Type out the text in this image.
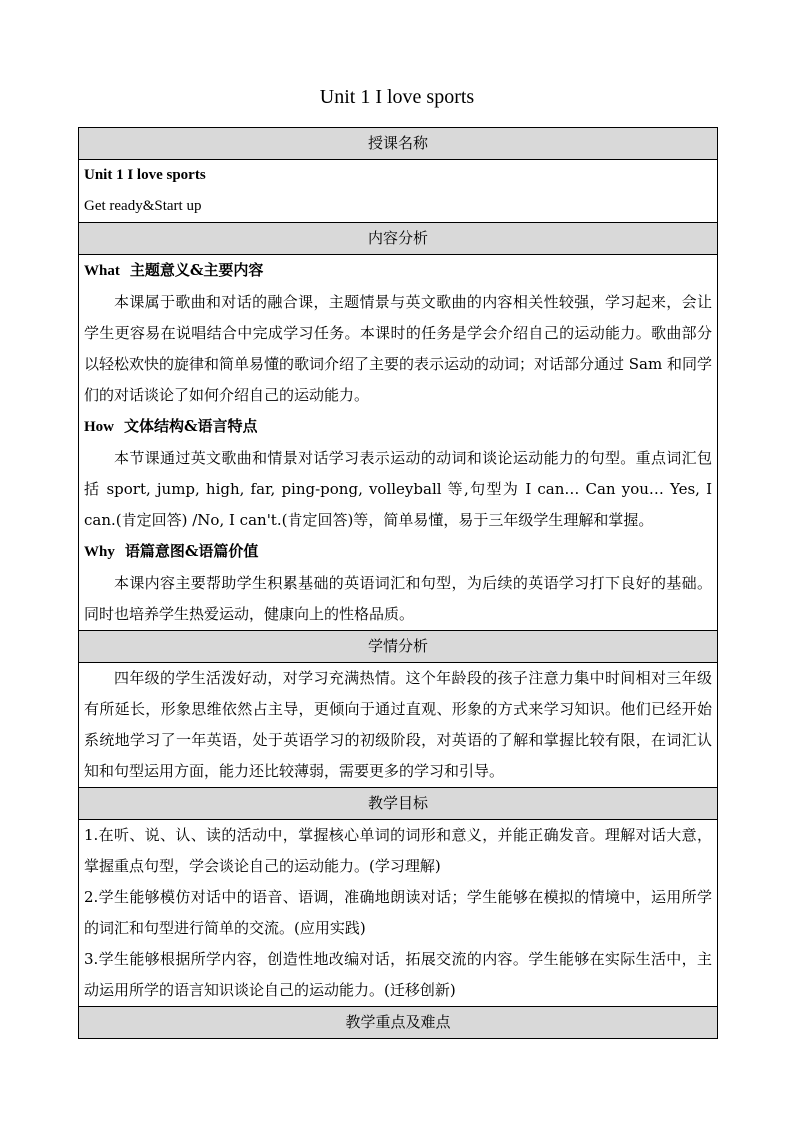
Unit 1 I love sports
授课名称

Unit 1 I love sports
Get ready&Start up

内容分析

What 主题意义&主要内容
本课属于歌曲和对话的融合课，主题情景与英文歌曲的内容相关性较强，学习起来，会让学生更容易在说唱结合中完成学习任务。本课时的任务是学会介绍自己的运动能力。歌曲部分以轻松欢快的旋律和简单易懂的歌词介绍了主要的表示运动的动词；对话部分通过 Sam 和同学们的对话谈论了如何介绍自己的运动能力。
How 文体结构&语言特点
本节课通过英文歌曲和情景对话学习表示运动的动词和谈论运动能力的句型。重点词汇包括 sport, jump, high, far, ping-pong, volleyball 等,句型为 I can… Can you… Yes, I can.(肯定回答) /No, I can't.(肯定回答)等，简单易懂，易于三年级学生理解和掌握。
Why 语篇意图&语篇价值
本课内容主要帮助学生积累基础的英语词汇和句型，为后续的英语学习打下良好的基础。同时也培养学生热爱运动，健康向上的性格品质。

学情分析

四年级的学生活泼好动，对学习充满热情。这个年龄段的孩子注意力集中时间相对三年级有所延长，形象思维依然占主导，更倾向于通过直观、形象的方式来学习知识。他们已经开始系统地学习了一年英语，处于英语学习的初级阶段，对英语的了解和掌握比较有限，在词汇认知和句型运用方面，能力还比较薄弱，需要更多的学习和引导。

教学目标

1.在听、说、认、读的活动中，掌握核心单词的词形和意义，并能正确发音。理解对话大意，掌握重点句型，学会谈论自己的运动能力。(学习理解)
2.学生能够模仿对话中的语音、语调，准确地朗读对话；学生能够在模拟的情境中，运用所学的词汇和句型进行简单的交流。(应用实践)
3.学生能够根据所学内容，创造性地改编对话，拓展交流的内容。学生能够在实际生活中，主动运用所学的语言知识谈论自己的运动能力。(迁移创新)

教学重点及难点
